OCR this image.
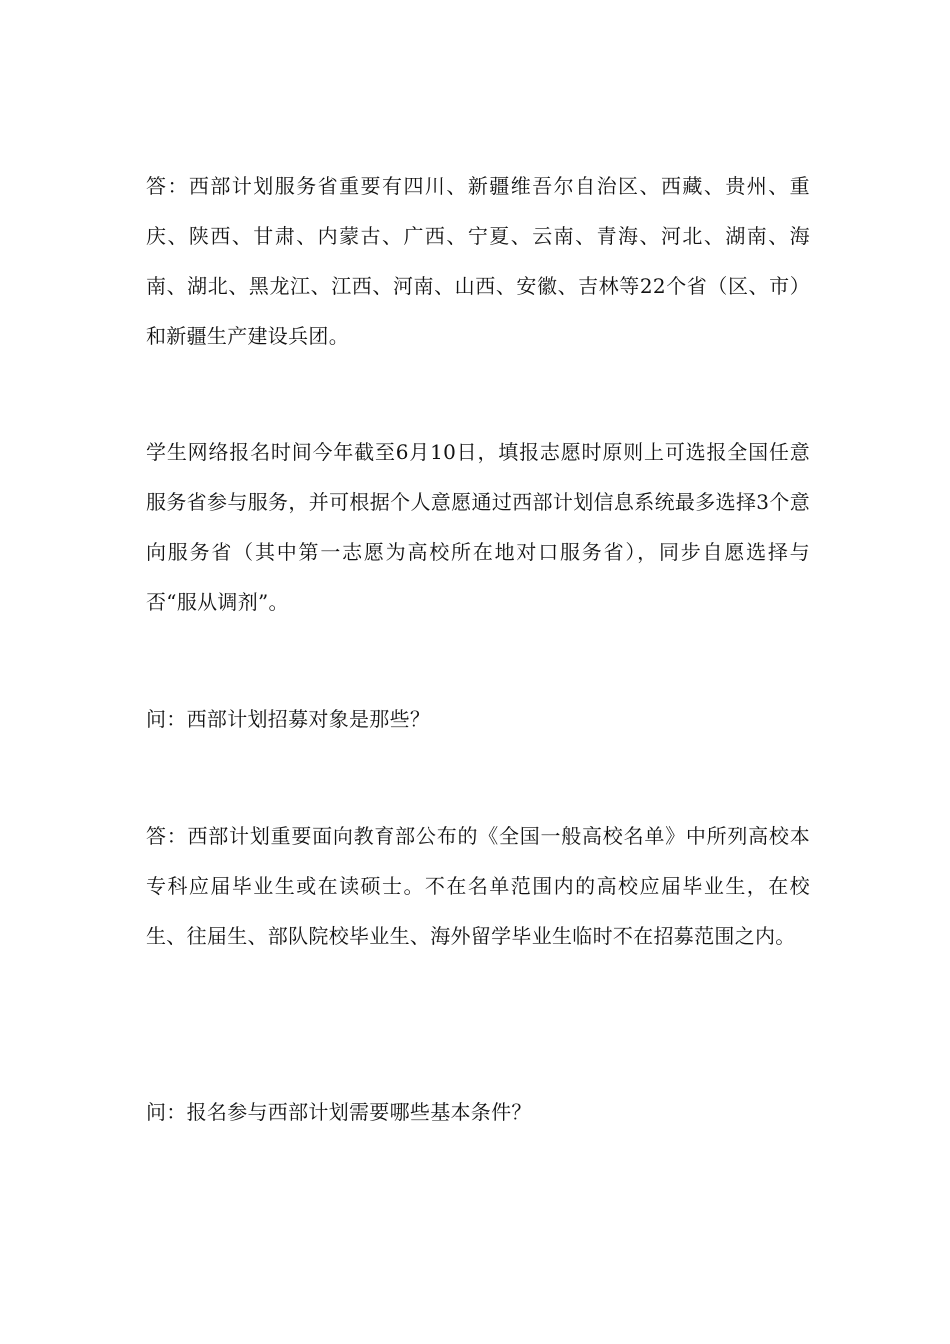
答：西部计划服务省重要有四川、新疆维吾尔自治区、西藏、贵州、重庆、陕西、甘肃、内蒙古、广西、宁夏、云南、青海、河北、湖南、海南、湖北、黑龙江、江西、河南、山西、安徽、吉林等22个省（区、市）和新疆生产建设兵团。

学生网络报名时间今年截至6月10日，填报志愿时原则上可选报全国任意服务省参与服务，并可根据个人意愿通过西部计划信息系统最多选择3个意向服务省（其中第一志愿为高校所在地对口服务省），同步自愿选择与否“服从调剂”。

问：西部计划招募对象是那些？

答：西部计划重要面向教育部公布的《全国一般高校名单》中所列高校本专科应届毕业生或在读硕士。不在名单范围内的高校应届毕业生，在校生、往届生、部队院校毕业生、海外留学毕业生临时不在招募范围之内。

问：报名参与西部计划需要哪些基本条件？
